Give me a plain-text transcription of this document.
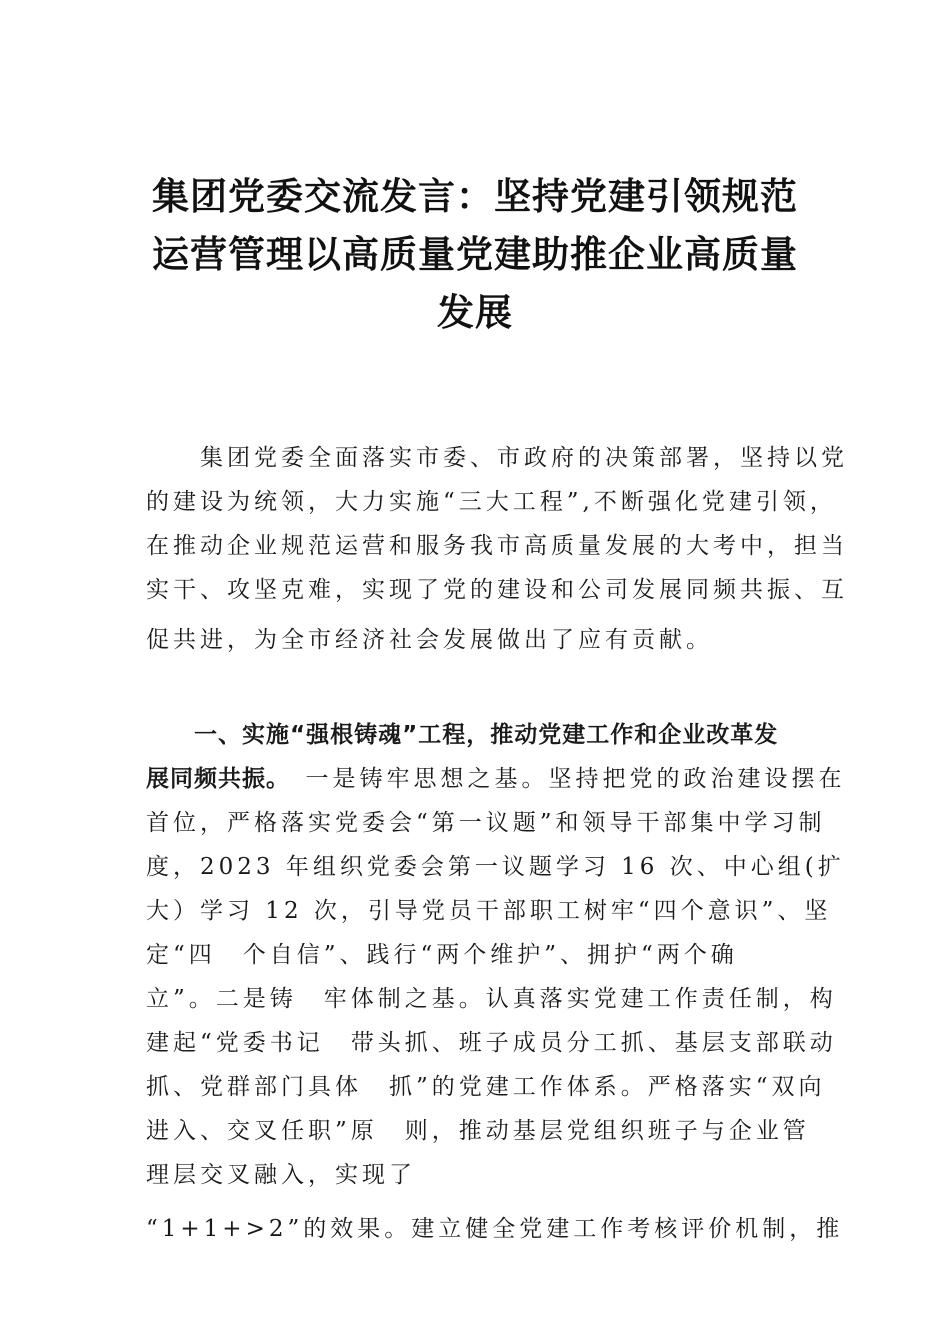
集团党委交流发言：坚持党建引领规范
运营管理以高质量党建助推企业高质量
发展
　　集团党委全面落实市委、市政府的决策部署，坚持以党
的建设为统领，大力实施“三大工程”,不断强化党建引领，
在推动企业规范运营和服务我市高质量发展的大考中，担当
实干、攻坚克难，实现了党的建设和公司发展同频共振、互
促共进，为全市经济社会发展做出了应有贡献。
　　一、实施“强根铸魂”工程，推动党建工作和企业改革发
展同频共振。　一是铸牢思想之基。坚持把党的政治建设摆在
首位，严格落实党委会“第一议题”和领导干部集中学习制
度，2023 年组织党委会第一议题学习 16 次、中心组(扩
大）学习 12 次，引导党员干部职工树牢“四个意识”、坚
定“四　个自信”、践行“两个维护”、拥护“两个确
立”。二是铸　牢体制之基。认真落实党建工作责任制，构
建起“党委书记　带头抓、班子成员分工抓、基层支部联动
抓、党群部门具体　抓”的党建工作体系。严格落实“双向
进入、交叉任职”原　则，推动基层党组织班子与企业管
理层交叉融入，实现了
“1+1+>2”的效果。建立健全党建工作考核评价机制，推
